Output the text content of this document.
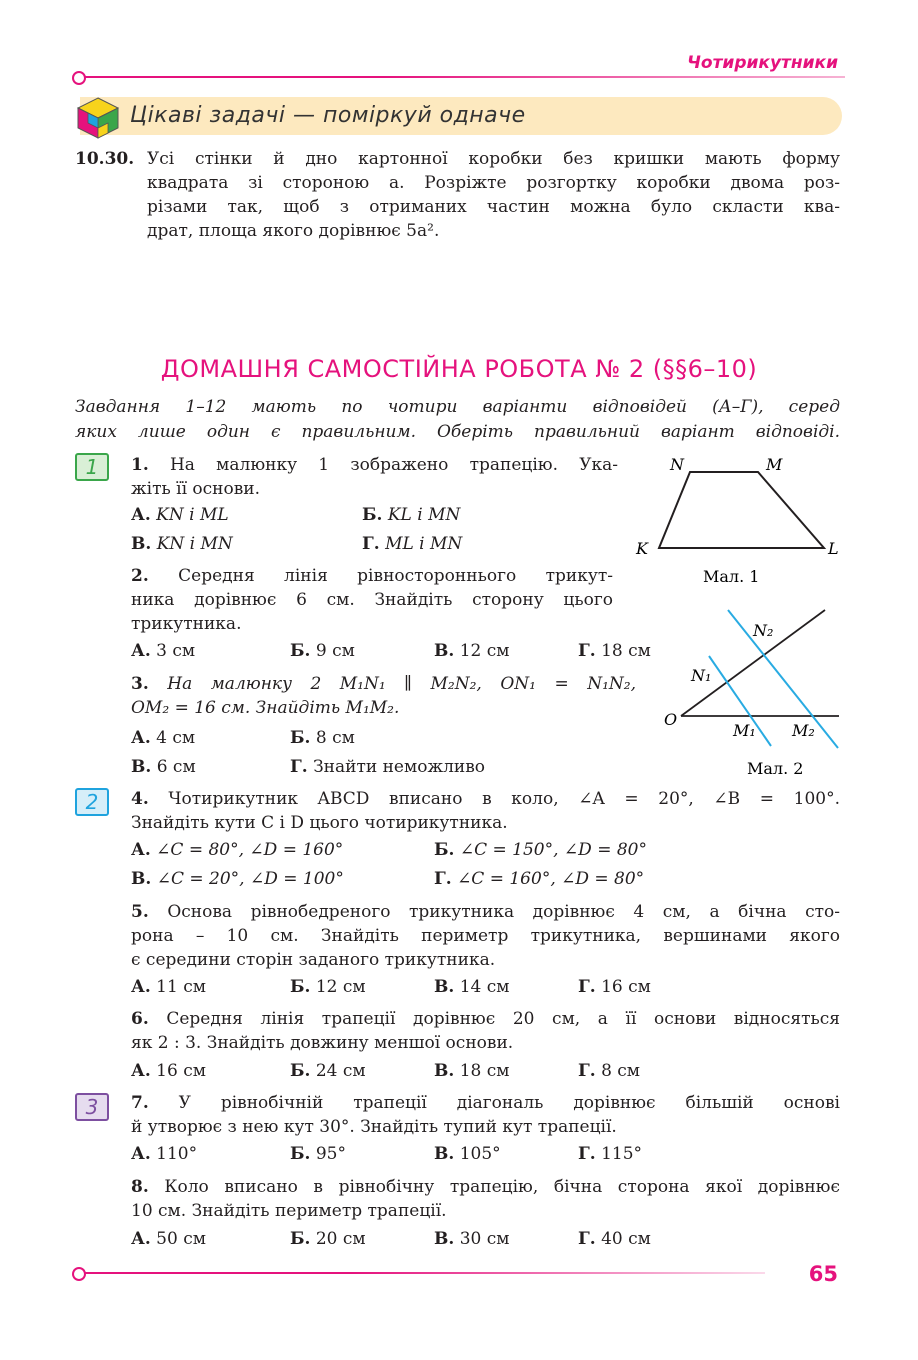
Чотирикутники
Цікаві задачі — поміркуй одначе
10.30. Усі стінки й дно картонної коробки без кришки мають форму
квадрата зі стороною a. Розріжте розгортку коробки двома роз-
різами так, щоб з отриманих частин можна було скласти ква-
драт, площа якого дорівнює 5a².
ДОМАШНЯ САМОСТІЙНА РОБОТА № 2 (§§6–10)
Завдання 1–12 мають по чотири варіанти відповідей (А–Г), серед
яких лише один є правильним. Оберіть правильний варіант відповіді.
1
2
3
1. На малюнку 1 зображено трапецію. Ука-
жіть її основи.
А. KN і ML	Б. KL і MN
В. KN і MN	Г. ML і MN
N	M
K	L
Мал. 1
2. Середня лінія рівностороннього трикут-
ника дорівнює 6 см. Знайдіть сторону цього
трикутника.
А. 3 см	Б. 9 см	В. 12 см	Г. 18 см
N₂
N₁
O
M₁ M₂
Мал. 2
3. На малюнку 2 M₁N₁ ∥ M₂N₂, ON₁ = N₁N₂,
OM₂ = 16 см. Знайдіть M₁M₂.
А. 4 см	Б. 8 см
В. 6 см	Г. Знайти неможливо
4. Чотирикутник ABCD вписано в коло, ∠A = 20°, ∠B = 100°.
Знайдіть кути C і D цього чотирикутника.
А. ∠C = 80°, ∠D = 160°	Б. ∠C = 150°, ∠D = 80°
В. ∠C = 20°, ∠D = 100°	Г. ∠C = 160°, ∠D = 80°
5. Основа рівнобедреного трикутника дорівнює 4 см, а бічна сто-
рона – 10 см. Знайдіть периметр трикутника, вершинами якого
є середини сторін заданого трикутника.
А. 11 см	Б. 12 см	В. 14 см	Г. 16 см
6. Середня лінія трапеції дорівнює 20 см, а її основи відносяться
як 2 : 3. Знайдіть довжину меншої основи.
А. 16 см	Б. 24 см	В. 18 см	Г. 8 см
7. У рівнобічній трапеції діагональ дорівнює більшій основі
й утворює з нею кут 30°. Знайдіть тупий кут трапеції.
А. 110°	Б. 95°	В. 105°	Г. 115°
8. Коло вписано в рівнобічну трапецію, бічна сторона якої дорівнює
10 см. Знайдіть периметр трапеції.
А. 50 см	Б. 20 см	В. 30 см	Г. 40 см
65
